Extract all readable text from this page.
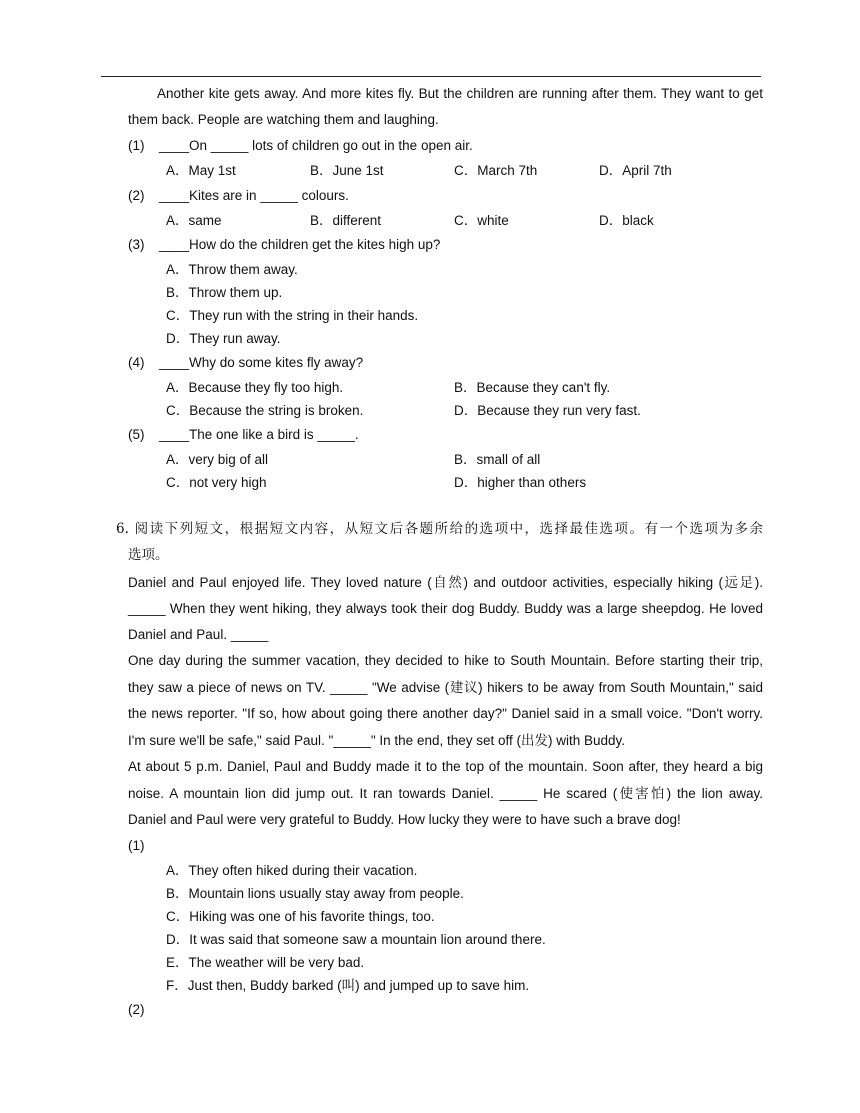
Another kite gets away. And more kites fly. But the children are running after them. They want to get
them back. People are watching them and laughing.
(1) ____On _____ lots of children go out in the open air.
A．May 1st	B．June 1st	C．March 7th	D．April 7th
(2) ____Kites are in _____ colours.
A．same	B．different	C．white	D．black
(3) ____How do the children get the kites high up?
A．Throw them away.
B．Throw them up.
C．They run with the string in their hands.
D．They run away.
(4) ____Why do some kites fly away?
A．Because they fly too high.	B．Because they can't fly.
C．Because the string is broken.	D．Because they run very fast.
(5) ____The one like a bird is _____.
A．very big of all	B．small of all
C．not very high	D．higher than others
6. 阅读下列短文，根据短文内容，从短文后各题所给的选项中，选择最佳选项。有一个选项为多余
选项。
Daniel and Paul enjoyed life. They loved nature (自然) and outdoor activities, especially hiking (远足).
_____ When they went hiking, they always took their dog Buddy. Buddy was a large sheepdog. He loved
Daniel and Paul. _____
One day during the summer vacation, they decided to hike to South Mountain. Before starting their trip,
they saw a piece of news on TV. _____ "We advise (建议) hikers to be away from South Mountain," said
the news reporter. "If so, how about going there another day?" Daniel said in a small voice. "Don't worry.
I'm sure we'll be safe," said Paul. "_____" In the end, they set off (出发) with Buddy.
At about 5 p.m. Daniel, Paul and Buddy made it to the top of the mountain. Soon after, they heard a big
noise. A mountain lion did jump out. It ran towards Daniel. _____ He scared (使害怕) the lion away.
Daniel and Paul were very grateful to Buddy. How lucky they were to have such a brave dog!
(1)
A．They often hiked during their vacation.
B．Mountain lions usually stay away from people.
C．Hiking was one of his favorite things, too.
D．It was said that someone saw a mountain lion around there.
E．The weather will be very bad.
F．Just then, Buddy barked (叫) and jumped up to save him.
(2)
